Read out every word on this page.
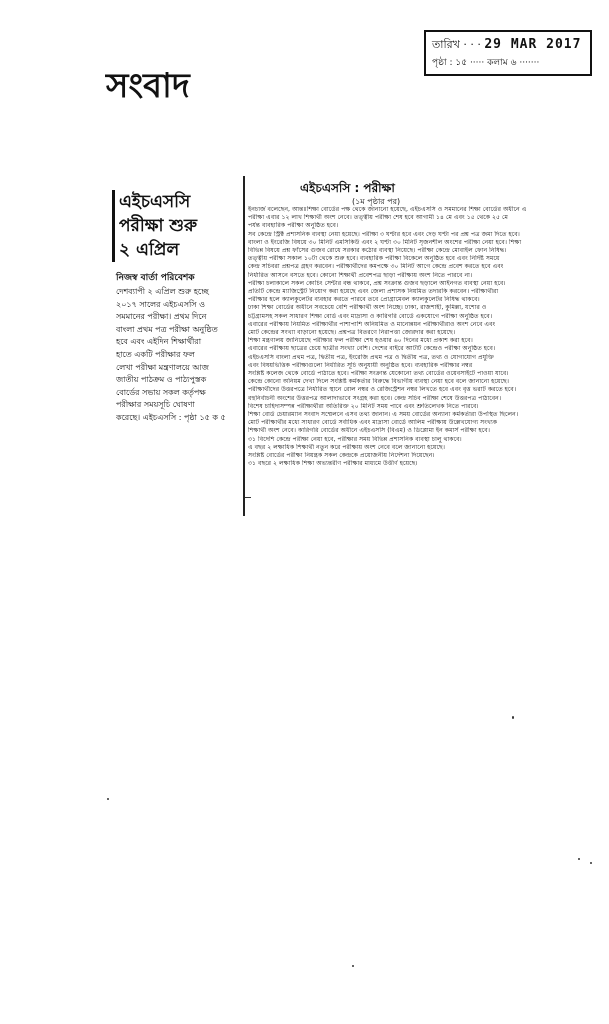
তারিখ · · · 29 MAR 2017
পৃষ্ঠা : ১৫ ····· কলাম ৬ ·······
সংবাদ
এইচএসসি
পরীক্ষা শুরু
২ এপ্রিল
নিজস্ব বার্তা পরিবেশক
দেশব্যাপী ২ এপ্রিল শুরু হচ্ছে
২০১৭ সালের এইচএসসি ও
সমমানের পরীক্ষা। প্রথম দিনে
বাংলা প্রথম পত্র পরীক্ষা অনুষ্ঠিত
হবে এবং এইদিন শিক্ষার্থীরা
হাতে একটি পরীক্ষার ফল
লেখা পরীক্ষা মন্ত্রণালয়ে আজ
জাতীয় পাঠক্রম ও পাঠ্যপুস্তক
বোর্ডের সভায় সকল কর্তৃপক্ষ
পরীক্ষার সময়সূচি ঘোষণা
করেছে। এইচএসসি : পৃষ্ঠা ১৫ ক ৫
এইচএসসি : পরীক্ষা
(১ম পৃষ্ঠার পর)
ইনচার্জ বলেছেন, আন্তঃশিক্ষা বোর্ডের পক্ষ থেকে জানানো হয়েছে, এইচএসসি ও সমমানের শিক্ষা বোর্ডের অধীনে এ
পরীক্ষা এবার ১২ লাখ শিক্ষার্থী অংশ নেবে। তত্ত্বীয় পরীক্ষা শেষ হবে আগামী ১৪ মে এবং ১৫ থেকে ২৫ মে
পর্যন্ত ব্যবহারিক পরীক্ষা অনুষ্ঠিত হবে।
সব কেন্দ্রে স্ট্রিক্ট প্রশাসনিক ব্যবস্থা নেয়া হয়েছে। পরীক্ষা ৩ ঘণ্টার হবে এবং দেড় ঘণ্টা পর প্রশ্ন পত্র জমা দিতে হবে।
বাংলা ও ইংরেজি বিষয়ে ৩০ মিনিট এমসিকিউ এবং ২ ঘণ্টা ৩০ মিনিট সৃজনশীল অংশের পরীক্ষা নেয়া হবে। শিক্ষা
বিভিন্ন বিষয়ে প্রশ্ন ফাঁসের গুজব রোধে সরকার কঠোর ব্যবস্থা নিয়েছে। পরীক্ষা কেন্দ্রে মোবাইল ফোন নিষিদ্ধ।
তত্ত্বীয় পরীক্ষা সকাল ১০টা থেকে শুরু হবে। ব্যবহারিক পরীক্ষা বিকেলে অনুষ্ঠিত হবে এবং নির্দিষ্ট সময়ে
কেন্দ্র সচিবরা প্রশ্নপত্র গ্রহণ করবেন। পরীক্ষার্থীদের কমপক্ষে ৩০ মিনিট আগে কেন্দ্রে প্রবেশ করতে হবে এবং
নির্ধারিত আসনে বসতে হবে। কোনো শিক্ষার্থী প্রবেশপত্র ছাড়া পরীক্ষায় অংশ নিতে পারবে না।
পরীক্ষা চলাকালে সকল কোচিং সেন্টার বন্ধ থাকবে, প্রশ্ন সংক্রান্ত গুজব ছড়ালে আইনগত ব্যবস্থা নেয়া হবে।
প্রতিটি কেন্দ্রে ম্যাজিস্ট্রেট নিয়োগ করা হয়েছে এবং জেলা প্রশাসক নিয়মিত তদারকি করবেন। পরীক্ষার্থীরা
পরীক্ষার হলে ক্যালকুলেটর ব্যবহার করতে পারবে তবে প্রোগ্রামেবল ক্যালকুলেটর নিষিদ্ধ থাকবে।
ঢাকা শিক্ষা বোর্ডের অধীনে সবচেয়ে বেশি পরীক্ষার্থী অংশ নিচ্ছে। ঢাকা, রাজশাহী, কুমিল্লা, যশোর ও
চট্টগ্রামসহ সকল সাধারণ শিক্ষা বোর্ড এবং মাদ্রাসা ও কারিগরি বোর্ডে একযোগে পরীক্ষা অনুষ্ঠিত হবে।
এবারের পরীক্ষায় নিয়মিত পরীক্ষার্থীর পাশাপাশি অনিয়মিত ও মানোন্নয়ন পরীক্ষার্থীরাও অংশ নেবে এবং
মোট কেন্দ্রের সংখ্যা বাড়ানো হয়েছে। প্রশ্নপত্র বিতরণে নিরাপত্তা জোরদার করা হয়েছে।
শিক্ষা মন্ত্রণালয় জানিয়েছে পরীক্ষার ফল পরীক্ষা শেষ হওয়ার ৬০ দিনের মধ্যে প্রকাশ করা হবে।
এবারের পরীক্ষায় ছাত্রের চেয়ে ছাত্রীর সংখ্যা বেশি। দেশের বাইরে আটটি কেন্দ্রেও পরীক্ষা অনুষ্ঠিত হবে।
এইচএসসি বাংলা প্রথম পত্র, দ্বিতীয় পত্র, ইংরেজি প্রথম পত্র ও দ্বিতীয় পত্র, তথ্য ও যোগাযোগ প্রযুক্তি
এবং বিষয়ভিত্তিক পরীক্ষাগুলো নির্ধারিত সূচি অনুযায়ী অনুষ্ঠিত হবে। ব্যবহারিক পরীক্ষার নম্বর
সংশ্লিষ্ট কলেজ থেকে বোর্ডে পাঠাতে হবে। পরীক্ষা সংক্রান্ত যেকোনো তথ্য বোর্ডের ওয়েবসাইটে পাওয়া যাবে।
কেন্দ্রে কোনো অনিয়ম দেখা দিলে সংশ্লিষ্ট কর্মকর্তার বিরুদ্ধে বিভাগীয় ব্যবস্থা নেয়া হবে বলে জানানো হয়েছে।
পরীক্ষার্থীদের উত্তরপত্রে নির্ধারিত স্থানে রোল নম্বর ও রেজিস্ট্রেশন নম্বর লিখতে হবে এবং বৃত্ত ভরাট করতে হবে।
বহুনির্বাচনী অংশের উত্তরপত্র আলাদাভাবে সংগ্রহ করা হবে। কেন্দ্র সচিব পরীক্ষা শেষে উত্তরপত্র পাঠাবেন।
বিশেষ চাহিদাসম্পন্ন পরীক্ষার্থীরা অতিরিক্ত ২০ মিনিট সময় পাবে এবং শ্রুতিলেখক নিতে পারবে।
শিক্ষা বোর্ড চেয়ারম্যান সংবাদ সম্মেলনে এসব তথ্য জানান। এ সময় বোর্ডের অন্যান্য কর্মকর্তারা উপস্থিত ছিলেন।
মোট পরীক্ষার্থীর মধ্যে সাধারণ বোর্ডে সর্বাধিক এবং মাদ্রাসা বোর্ডে আলিম পরীক্ষায় উল্লেখযোগ্য সংখ্যক
শিক্ষার্থী অংশ নেবে। কারিগরি বোর্ডের অধীনে এইচএসসি (বিএম) ও ডিপ্লোমা ইন কমার্স পরীক্ষা হবে।
৩১ বিদেশি কেন্দ্রে পরীক্ষা নেয়া হবে, পরীক্ষার সময় বিভিন্ন প্রশাসনিক ব্যবস্থা চালু থাকবে।
এ বছর ২ লক্ষাধিক শিক্ষার্থী নতুন করে পরীক্ষায় অংশ নেবে বলে জানানো হয়েছে।
সংশ্লিষ্ট বোর্ডের পরীক্ষা নিয়ন্ত্রক সকল কেন্দ্রকে প্রয়োজনীয় নির্দেশনা দিয়েছেন।
৩১ বছরে ২ লক্ষাধিক শিক্ষা অভ্যন্তরীণ পরীক্ষার মাধ্যমে উত্তীর্ণ হয়েছে।
